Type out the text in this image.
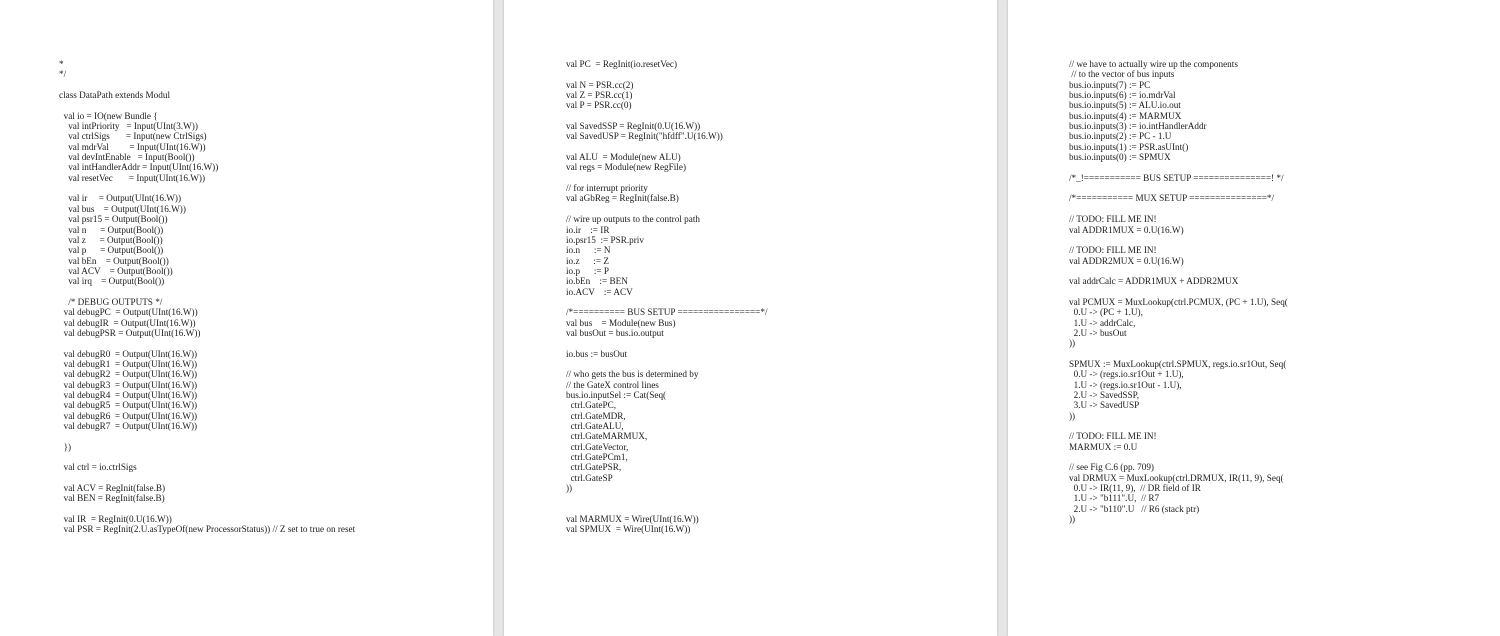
*
*/
class DataPath extends Modul
val io = IO(new Bundle {
val intPriority   = Input(UInt(3.W))
val ctrlSigs       = Input(new CtrlSigs)
val mdrVal         = Input(UInt(16.W))
val devIntEnable   = Input(Bool())
val intHandlerAddr = Input(UInt(16.W))
val resetVec       = Input(UInt(16.W))
val ir     = Output(UInt(16.W))
val bus    = Output(UInt(16.W))
val psr15 = Output(Bool())
val n      = Output(Bool())
val z      = Output(Bool())
val p      = Output(Bool())
val bEn    = Output(Bool())
val ACV    = Output(Bool())
val irq    = Output(Bool())
/* DEBUG OUTPUTS */
val debugPC  = Output(UInt(16.W))
val debugIR  = Output(UInt(16.W))
val debugPSR = Output(UInt(16.W))
val debugR0  = Output(UInt(16.W))
val debugR1  = Output(UInt(16.W))
val debugR2  = Output(UInt(16.W))
val debugR3  = Output(UInt(16.W))
val debugR4  = Output(UInt(16.W))
val debugR5  = Output(UInt(16.W))
val debugR6  = Output(UInt(16.W))
val debugR7  = Output(UInt(16.W))
})
val ctrl = io.ctrlSigs
val ACV = RegInit(false.B)
val BEN = RegInit(false.B)
val IR  = RegInit(0.U(16.W))
val PSR = RegInit(2.U.asTypeOf(new ProcessorStatus)) // Z set to true on reset
val PC  = RegInit(io.resetVec)
val N = PSR.cc(2)
val Z = PSR.cc(1)
val P = PSR.cc(0)
val SavedSSP = RegInit(0.U(16.W))
val SavedUSP = RegInit("hfdff".U(16.W))
val ALU  = Module(new ALU)
val regs = Module(new RegFile)
// for interrupt priority
val aGbReg = RegInit(false.B)
// wire up outputs to the control path
io.ir    := IR
io.psr15  := PSR.priv
io.n      := N
io.z      := Z
io.p      := P
io.bEn    := BEN
io.ACV    := ACV
/*========== BUS SETUP ================*/
val bus    = Module(new Bus)
val busOut = bus.io.output
io.bus := busOut
// who gets the bus is determined by
// the GateX control lines
bus.io.inputSel := Cat(Seq(
ctrl.GatePC,
ctrl.GateMDR,
ctrl.GateALU,
ctrl.GateMARMUX,
ctrl.GateVector,
ctrl.GatePCm1,
ctrl.GatePSR,
ctrl.GateSP
))
val MARMUX = Wire(UInt(16.W))
val SPMUX  = Wire(UInt(16.W))
// we have to actually wire up the components
// to the vector of bus inputs
bus.io.inputs(7) := PC
bus.io.inputs(6) := io.mdrVal
bus.io.inputs(5) := ALU.io.out
bus.io.inputs(4) := MARMUX
bus.io.inputs(3) := io.intHandlerAddr
bus.io.inputs(2) := PC - 1.U
bus.io.inputs(1) := PSR.asUInt()
bus.io.inputs(0) := SPMUX
/*_!=========== BUS SETUP ===============! */
/*=========== MUX SETUP ===============*/
// TODO: FILL ME IN!
val ADDR1MUX = 0.U(16.W)
// TODO: FILL ME IN!
val ADDR2MUX = 0.U(16.W)
val addrCalc = ADDR1MUX + ADDR2MUX
val PCMUX = MuxLookup(ctrl.PCMUX, (PC + 1.U), Seq(
0.U -> (PC + 1.U),
1.U -> addrCalc,
2.U -> busOut
))
SPMUX := MuxLookup(ctrl.SPMUX, regs.io.sr1Out, Seq(
0.U -> (regs.io.sr1Out + 1.U),
1.U -> (regs.io.sr1Out - 1.U),
2.U -> SavedSSP,
3.U -> SavedUSP
))
// TODO: FILL ME IN!
MARMUX := 0.U
// see Fig C.6 (pp. 709)
val DRMUX = MuxLookup(ctrl.DRMUX, IR(11, 9), Seq(
0.U -> IR(11, 9),  // DR field of IR
1.U -> "b111".U,  // R7
2.U -> "b110".U   // R6 (stack ptr)
))
